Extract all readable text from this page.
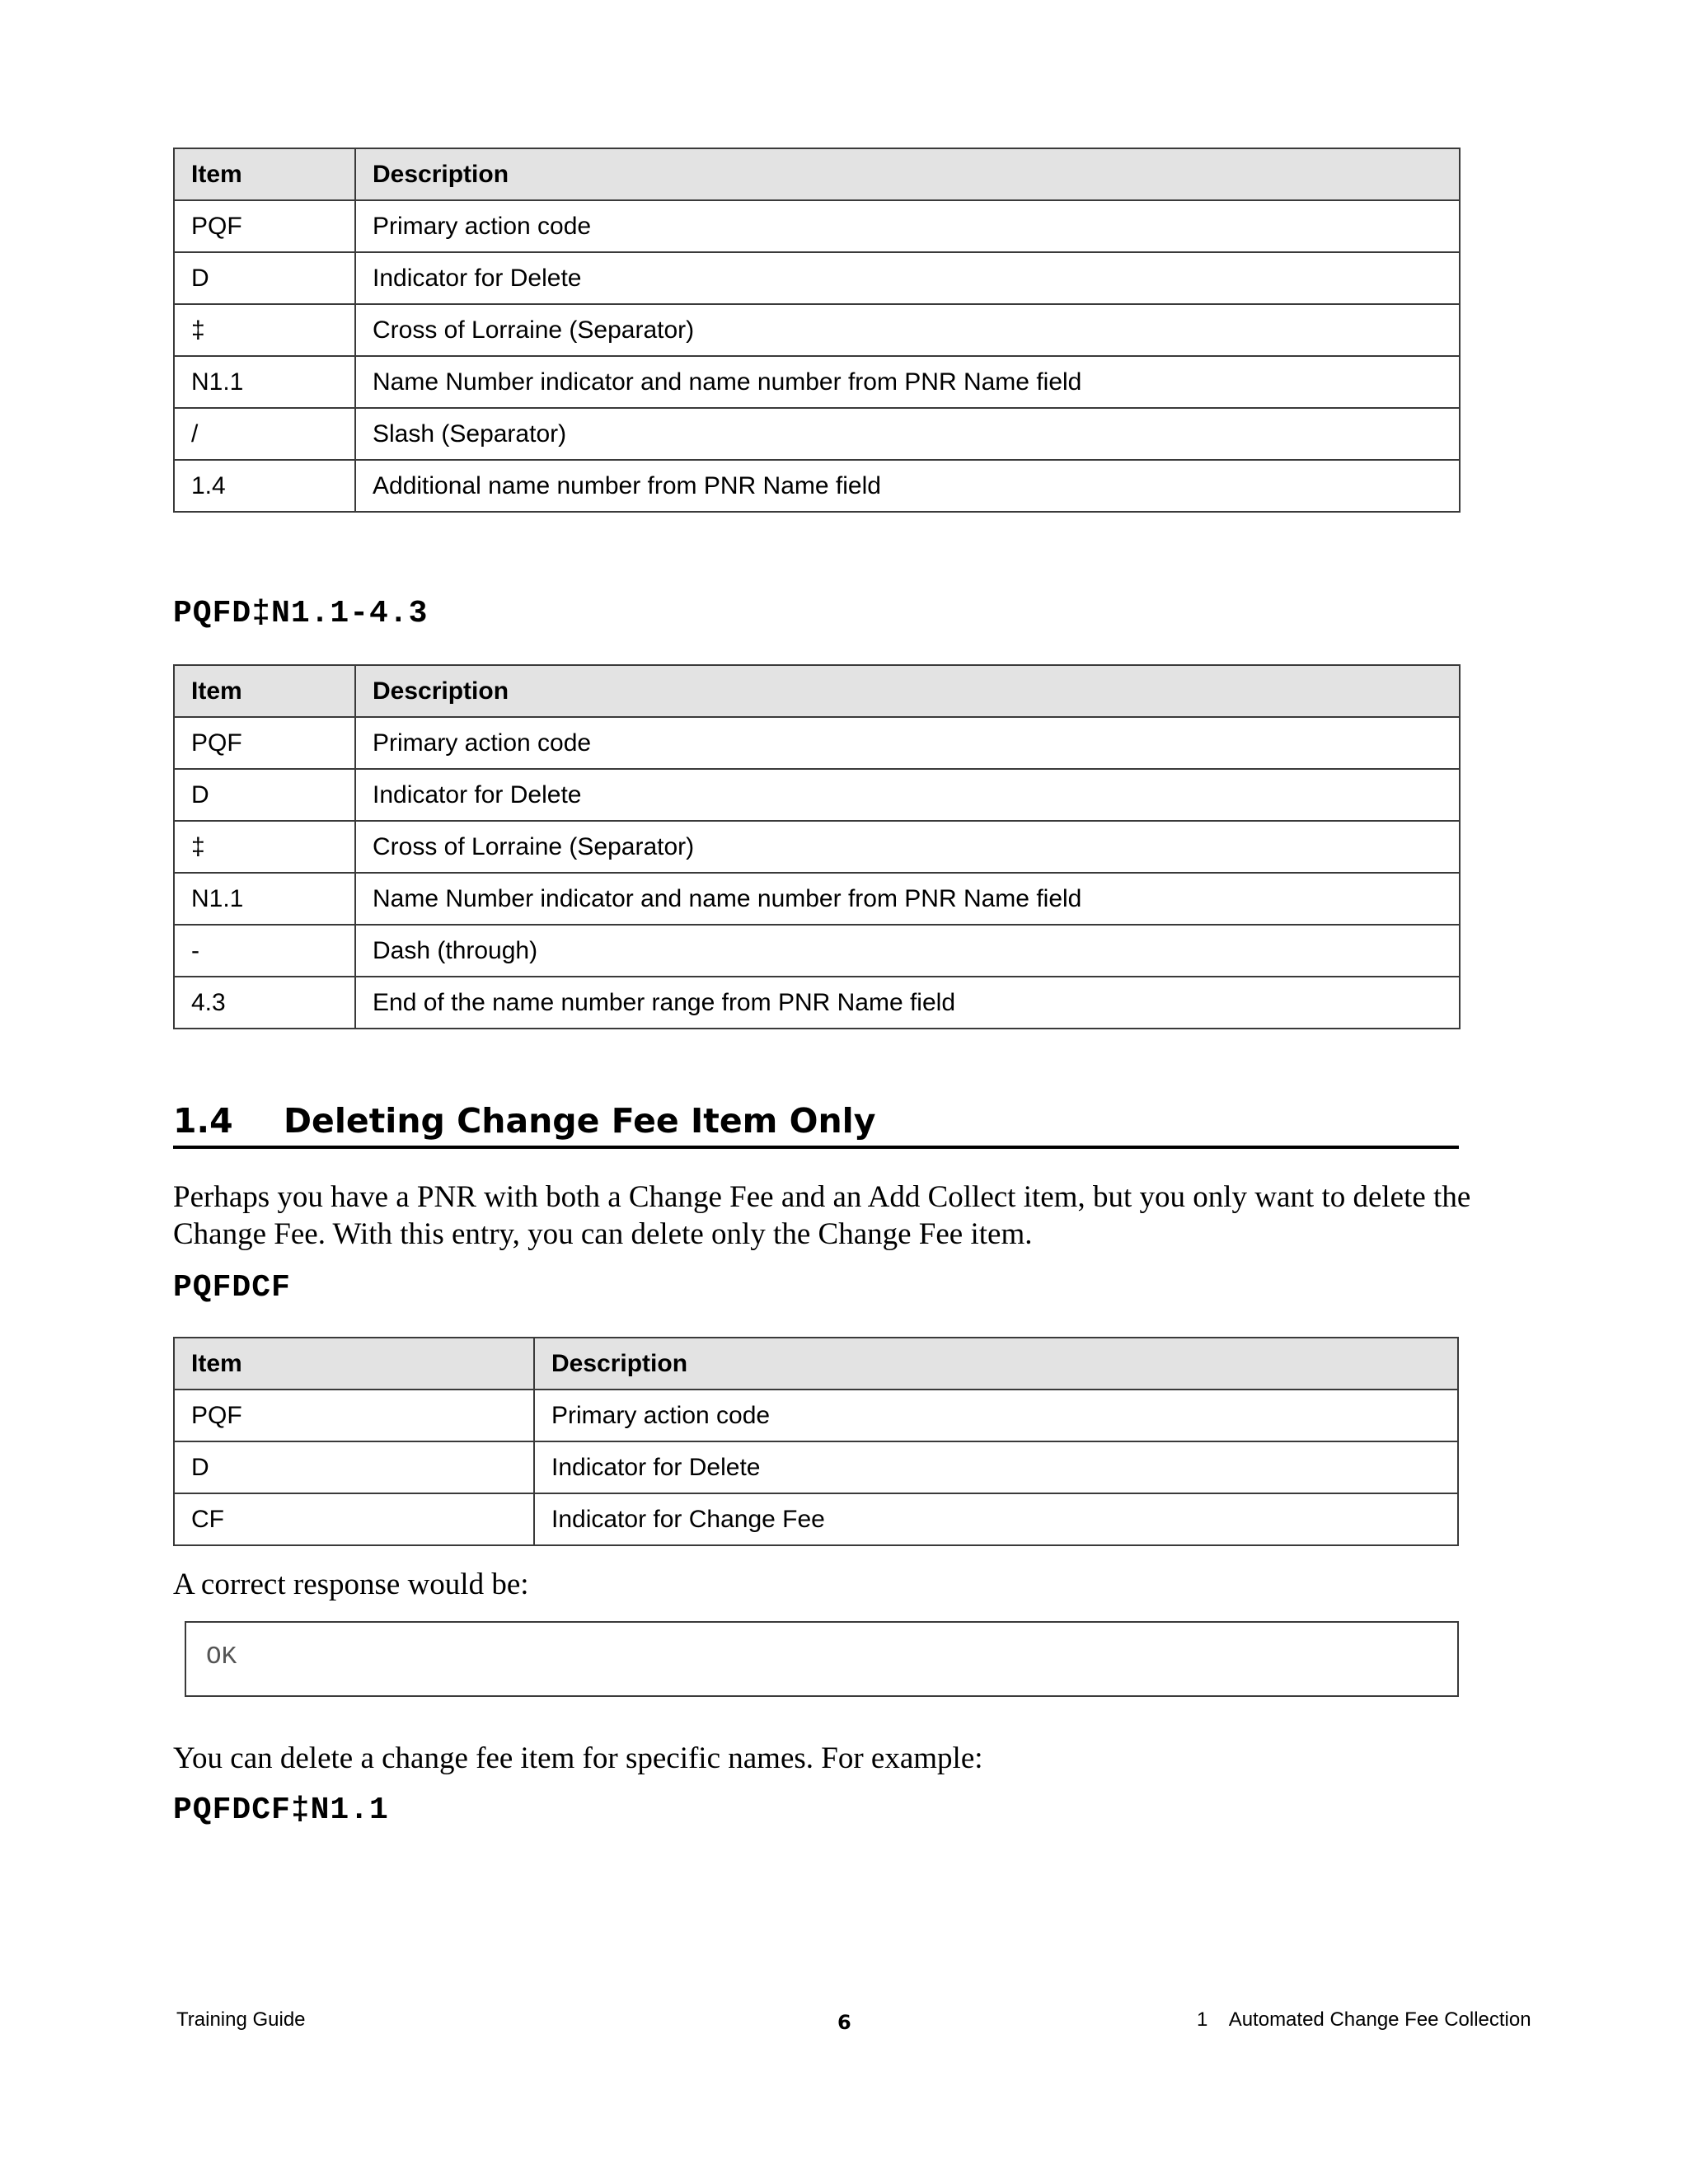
Item	Description
PQF	Primary action code
D	Indicator for Delete
‡	Cross of Lorraine (Separator)
N1.1	Name Number indicator and name number from PNR Name field
/	Slash (Separator)
1.4	Additional name number from PNR Name field
PQFD‡N1.1-4.3
Item	Description
PQF	Primary action code
D	Indicator for Delete
‡	Cross of Lorraine (Separator)
N1.1	Name Number indicator and name number from PNR Name field
-	Dash (through)
4.3	End of the name number range from PNR Name field
1.4 Deleting Change Fee Item Only
Perhaps you have a PNR with both a Change Fee and an Add Collect item, but you only want to delete the Change Fee. With this entry, you can delete only the Change Fee item.
PQFDCF
Item	Description
PQF	Primary action code
D	Indicator for Delete
CF	Indicator for Change Fee
A correct response would be:
OK
You can delete a change fee item for specific names. For example:
PQFDCF‡N1.1
Training Guide	6	1    Automated Change Fee Collection
